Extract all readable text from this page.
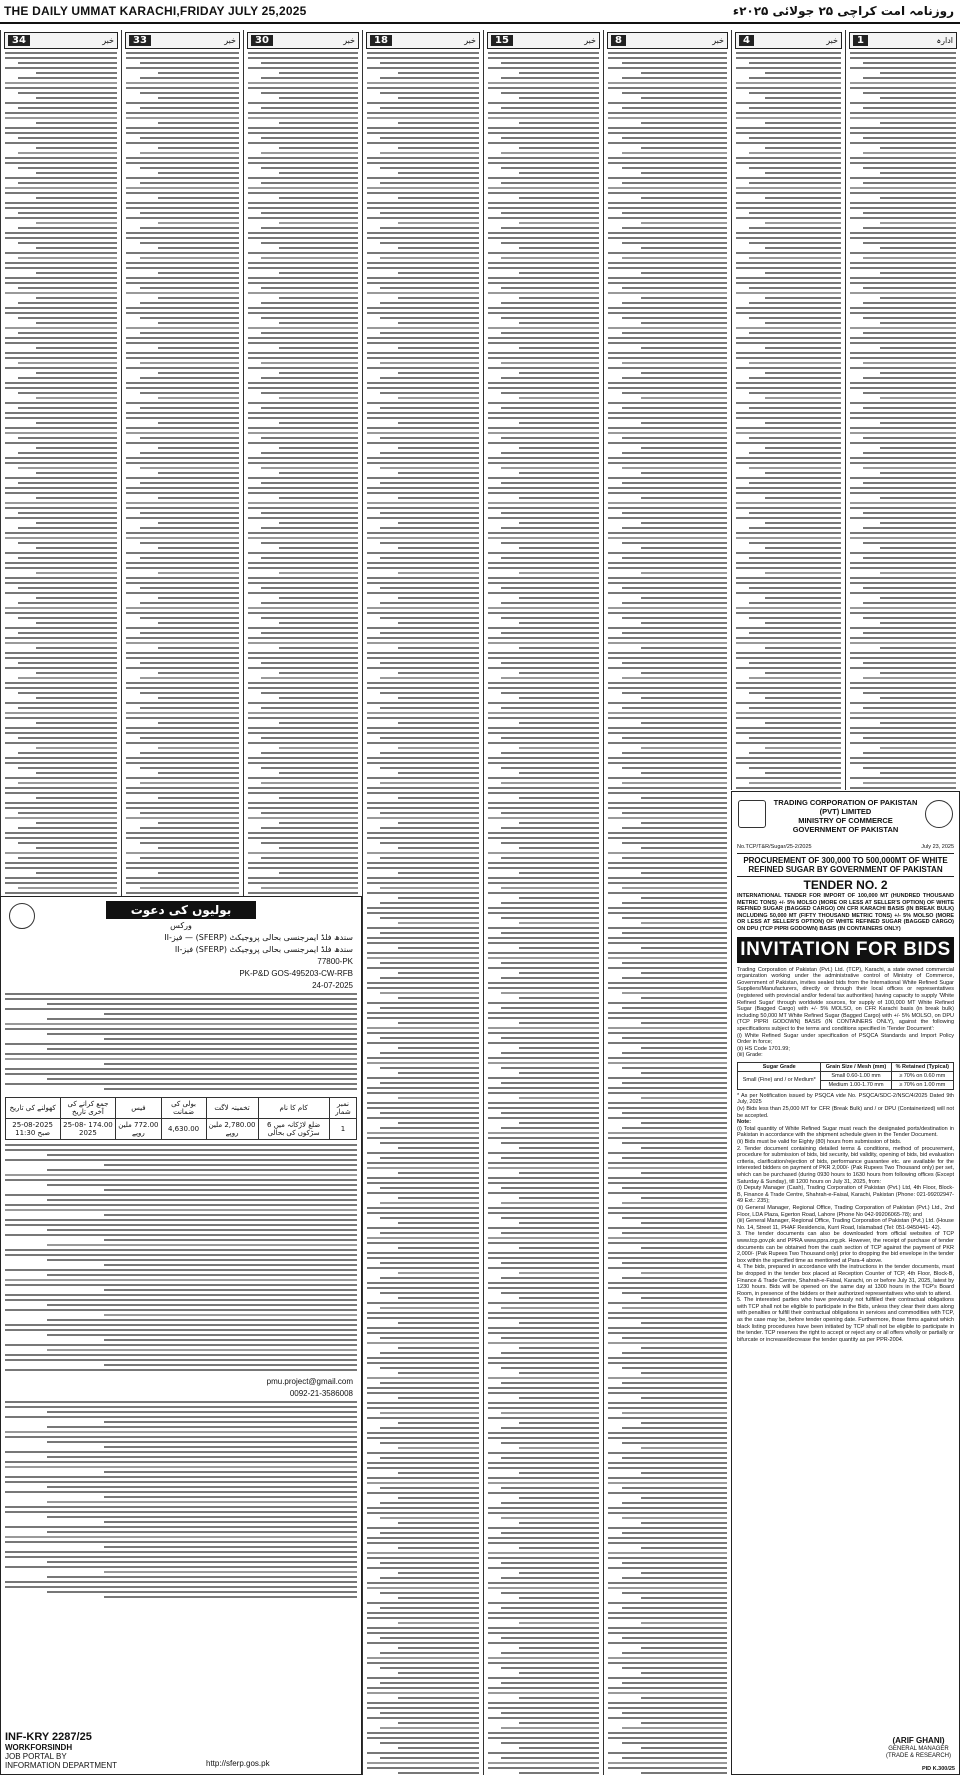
THE DAILY UMMAT KARACHI,FRIDAY JULY 25,2025	روزنامہ امت کراچی ۲۵ جولائی ۲۰۲۵ء
ادارہ
1
خبر
4
خبر
8
خبر
15
خبر
18
خبر
30
خبر
33
خبر
34
TRADING CORPORATION OF PAKISTAN
(PVT) LIMITED
MINISTRY OF COMMERCE
GOVERNMENT OF PAKISTAN
No.TCP/T&R/Sugar/25-2/2025	July 23, 2025
PROCUREMENT OF 300,000 TO 500,000MT OF WHITE REFINED SUGAR BY GOVERNMENT OF PAKISTAN
TENDER NO. 2
INTERNATIONAL TENDER FOR IMPORT OF 100,000 MT (HUNDRED THOUSAND METRIC TONS) +/- 5% MOLSO (MORE OR LESS AT SELLER'S OPTION) OF WHITE REFINED SUGAR (BAGGED CARGO) ON CFR KARACHI BASIS (IN BREAK BULK) INCLUDING 50,000 MT (FIFTY THOUSAND METRIC TONS) +/- 5% MOLSO (MORE OR LESS AT SELLER'S OPTION) OF WHITE REFINED SUGAR (BAGGED CARGO) ON DPU (TCP PIPRI GODOWN) BASIS (IN CONTAINERS ONLY)
INVITATION FOR BIDS
Trading Corporation of Pakistan (Pvt.) Ltd. (TCP), Karachi, a state owned commercial organization working under the administrative control of Ministry of Commerce, Government of Pakistan, invites sealed bids from the International White Refined Sugar Suppliers/Manufacturers, directly or through their local offices or representatives (registered with provincial and/or federal tax authorities) having capacity to supply 'White Refined Sugar' through worldwide sources, for supply of 100,000 MT White Refined Sugar (Bagged Cargo) with +/- 5% MOLSO, on CFR Karachi basis (in break bulk) including 50,000 MT White Refined Sugar (Bagged Cargo) with +/- 5% MOLSO, on DPU (TCP PIPRI GODOWN) BASIS (IN CONTAINERS ONLY), against the following specifications subject to the terms and conditions specified in 'Tender Document':
(i) White Refined Sugar under specification of PSQCA Standards and Import Policy Order in force;
(ii) HS Code 1701.99;
(iii) Grade:
Sugar Grade	Grain Size / Mesh (mm)	% Retained (Typical)
Small (Fine) and / or Medium*	Small 0.60-1.00 mm	≥ 70% on 0.60 mm
	Medium 1.00-1.70 mm	≥ 70% on 1.00 mm
* As per Notification issued by PSQCA vide No. PSQCA/SDC-2/NSC/4/2025 Dated 9th July, 2025
(iv) Bids less than 25,000 MT for CFR (Break Bulk) and / or DPU (Containerized) will not be accepted.
Note:
(i) Total quantity of White Refined Sugar must reach the designated ports/destination in Pakistan in accordance with the shipment schedule given in the Tender Document.
(ii) Bids must be valid for Eighty (80) hours from submission of bids.
2. Tender document containing detailed terms & conditions, method of procurement, procedure for submission of bids, bid security, bid validity, opening of bids, bid evaluation criteria, clarification/rejection of bids, performance guarantee etc. are available for the interested bidders on payment of PKR 2,000/- (Pak Rupees Two Thousand only) per set, which can be purchased (during 0930 hours to 1630 hours from following offices (Except Saturday & Sunday), till 1200 hours on July 31, 2025, from:
(i) Deputy Manager (Cash), Trading Corporation of Pakistan (Pvt.) Ltd, 4th Floor, Block-B, Finance & Trade Centre, Shahrah-e-Faisal, Karachi, Pakistan (Phone: 021-99202947-49 Ext.: 235);
(ii) General Manager, Regional Office, Trading Corporation of Pakistan (Pvt.) Ltd., 2nd Floor, LDA Plaza, Egerton Road, Lahore (Phone No 042-99206065-78); and
(iii) General Manager, Regional Office, Trading Corporation of Pakistan (Pvt.) Ltd. (House No. 14, Street 11, PHAF Residencia, Kurri Road, Islamabad (Tel: 051-9450441- 42).
3. The tender documents can also be downloaded from official websites of TCP www.tcp.gov.pk and PPRA www.ppra.org.pk. However, the receipt of purchase of tender documents can be obtained from the cash section of TCP against the payment of PKR 2,000/- (Pak Rupees Two Thousand only) prior to dropping the bid envelope in the tender box within the specified time as mentioned at Para-4 above.
4. The bids, prepared in accordance with the instructions in the tender documents, must be dropped in the tender box placed at Reception Counter of TCP, 4th Floor, Block-B, Finance & Trade Centre, Shahrah-e-Faisal, Karachi, on or before July 31, 2025, latest by 1230 hours. Bids will be opened on the same day at 1300 hours in the TCP's Board Room, in presence of the bidders or their authorized representatives who wish to attend.
5. The interested parties who have previously not fulfilled their contractual obligations with TCP shall not be eligible to participate in the Bids, unless they clear their dues along with penalties or fulfill their contractual obligations in services and commodities with TCP, as the case may be, before tender opening date. Furthermore, those firms against which black listing procedures have been initiated by TCP shall not be eligible to participate in the tender. TCP reserves the right to accept or reject any or all offers wholly or partially or bifurcate or increase/decrease the tender quantity as per PPR-2004.
(ARIF GHANI)
GENERAL MANAGER
(TRADE & RESEARCH)
PID K.300/25
بولیوں کی دعوت
ورکس
سندھ فلڈ ایمرجنسی بحالی پروجیکٹ (SFERP) — فیز-II
سندھ فلڈ ایمرجنسی بحالی پروجیکٹ (SFERP) فیز-II
77800-PK
PK-P&D GOS-495203-CW-RFB
24-07-2025
نمبر شمار	کام کا نام	تخمینہ لاگت	بولی کی ضمانت	فیس	جمع کرانے کی آخری تاریخ	کھولنے کی تاریخ
1	ضلع لاڑکانہ میں 6 سڑکوں کی بحالی	2,780.00 ملین روپے	4,630.00	772.00 ملین روپے	174.00 25-08-2025	25-08-2025 صبح 11:30
pmu.project@gmail.com
0092-21-3586008
http://sferp.gos.pk
INF-KRY 2287/25
WORKFORSINDH
JOB PORTAL BY
INFORMATION DEPARTMENT
